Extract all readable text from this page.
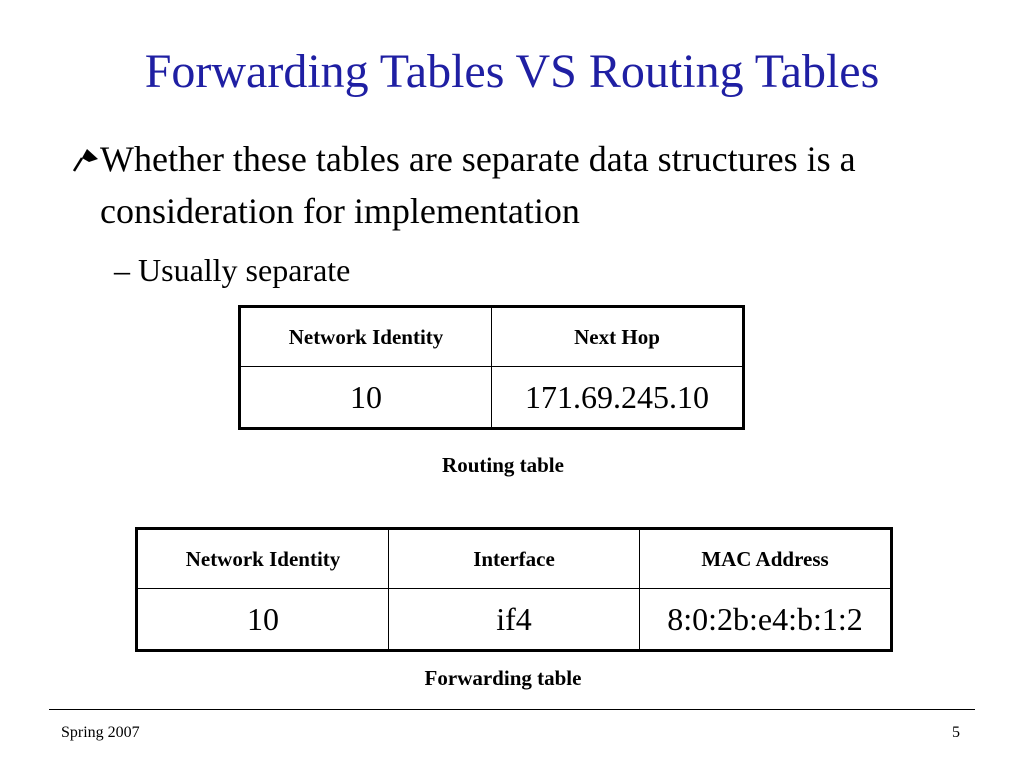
Forwarding Tables VS Routing Tables
Whether these tables are separate data structures is a consideration for implementation
– Usually separate
Network Identity	Next Hop
10	171.69.245.10
Routing table
Network Identity	Interface	MAC Address
10	if4	8:0:2b:e4:b:1:2
Forwarding table
Spring 2007	5
